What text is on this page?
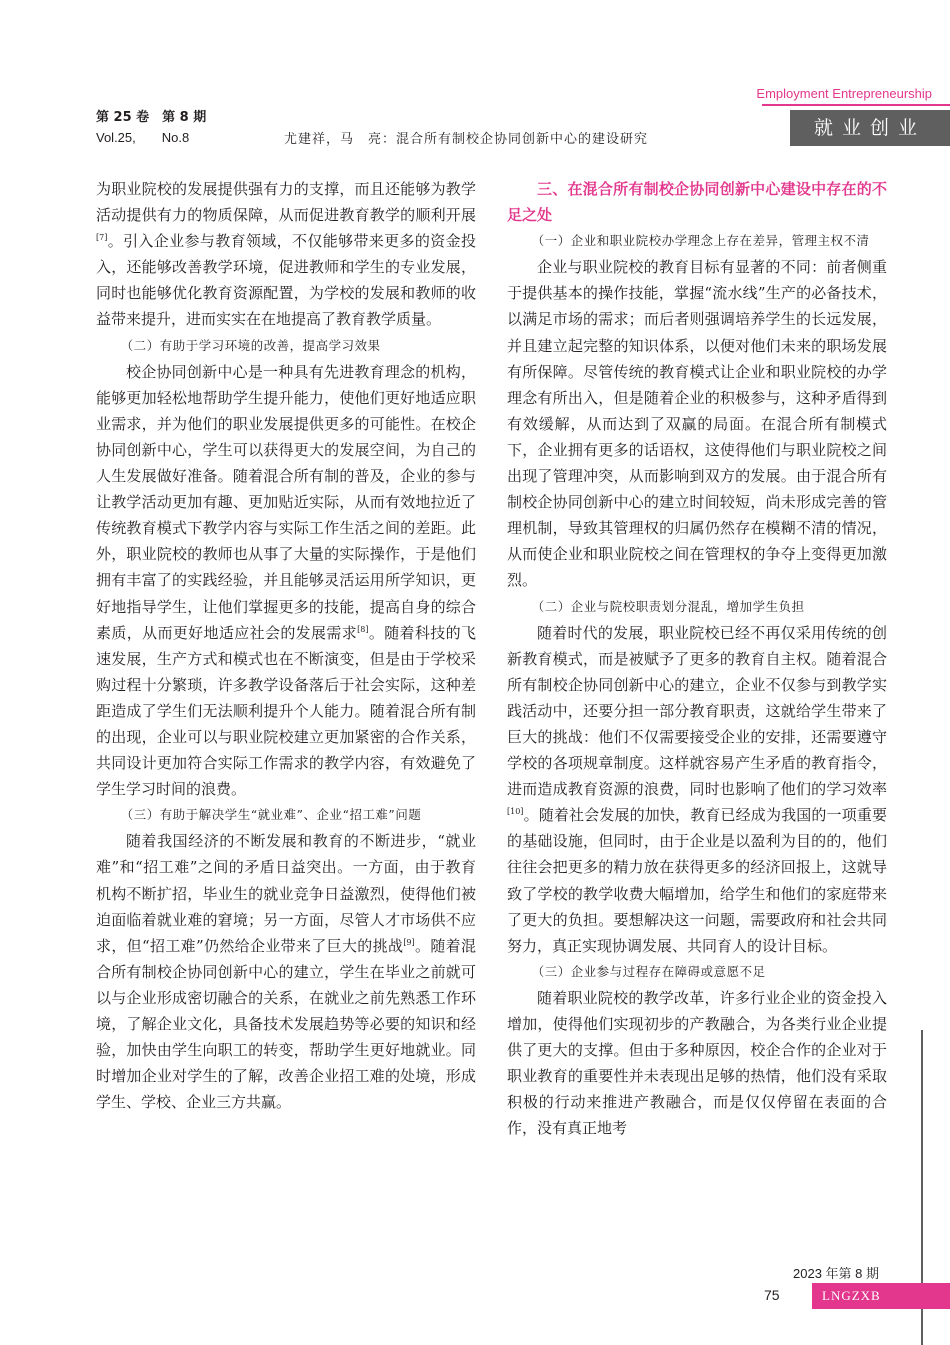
Employment Entrepreneurship
就业创业
第 25 卷　第 8 期
Vol.25, No.8	尤建祥，马　亮：混合所有制校企协同创新中心的建设研究

为职业院校的发展提供强有力的支撑，而且还能够为教学活动提供有力的物质保障，从而促进教育教学的顺利开展[7]。引入企业参与教育领域，不仅能够带来更多的资金投入，还能够改善教学环境，促进教师和学生的专业发展，同时也能够优化教育资源配置，为学校的发展和教师的收益带来提升，进而实实在在地提高了教育教学质量。

（二）有助于学习环境的改善，提高学习效果

校企协同创新中心是一种具有先进教育理念的机构，能够更加轻松地帮助学生提升能力，使他们更好地适应职业需求，并为他们的职业发展提供更多的可能性。在校企协同创新中心，学生可以获得更大的发展空间，为自己的人生发展做好准备。随着混合所有制的普及，企业的参与让教学活动更加有趣、更加贴近实际，从而有效地拉近了传统教育模式下教学内容与实际工作生活之间的差距。此外，职业院校的教师也从事了大量的实际操作，于是他们拥有丰富了的实践经验，并且能够灵活运用所学知识，更好地指导学生，让他们掌握更多的技能，提高自身的综合素质，从而更好地适应社会的发展需求[8]。随着科技的飞速发展，生产方式和模式也在不断演变，但是由于学校采购过程十分繁琐，许多教学设备落后于社会实际，这种差距造成了学生们无法顺利提升个人能力。随着混合所有制的出现，企业可以与职业院校建立更加紧密的合作关系，共同设计更加符合实际工作需求的教学内容，有效避免了学生学习时间的浪费。

（三）有助于解决学生“就业难”、企业“招工难”问题

随着我国经济的不断发展和教育的不断进步，“就业难”和“招工难”之间的矛盾日益突出。一方面，由于教育机构不断扩招，毕业生的就业竞争日益激烈，使得他们被迫面临着就业难的窘境；另一方面，尽管人才市场供不应求，但“招工难”仍然给企业带来了巨大的挑战[9]。随着混合所有制校企协同创新中心的建立，学生在毕业之前就可以与企业形成密切融合的关系，在就业之前先熟悉工作环境，了解企业文化，具备技术发展趋势等必要的知识和经验，加快由学生向职工的转变，帮助学生更好地就业。同时增加企业对学生的了解，改善企业招工难的处境，形成学生、学校、企业三方共赢。

三、在混合所有制校企协同创新中心建设中存在的不足之处

（一）企业和职业院校办学理念上存在差异，管理主权不清

企业与职业院校的教育目标有显著的不同：前者侧重于提供基本的操作技能，掌握“流水线”生产的必备技术，以满足市场的需求；而后者则强调培养学生的长远发展，并且建立起完整的知识体系，以便对他们未来的职场发展有所保障。尽管传统的教育模式让企业和职业院校的办学理念有所出入，但是随着企业的积极参与，这种矛盾得到有效缓解，从而达到了双赢的局面。在混合所有制模式下，企业拥有更多的话语权，这使得他们与职业院校之间出现了管理冲突，从而影响到双方的发展。由于混合所有制校企协同创新中心的建立时间较短，尚未形成完善的管理机制，导致其管理权的归属仍然存在模糊不清的情况，从而使企业和职业院校之间在管理权的争夺上变得更加激烈。

（二）企业与院校职责划分混乱，增加学生负担

随着时代的发展，职业院校已经不再仅采用传统的创新教育模式，而是被赋予了更多的教育自主权。随着混合所有制校企协同创新中心的建立，企业不仅参与到教学实践活动中，还要分担一部分教育职责，这就给学生带来了巨大的挑战：他们不仅需要接受企业的安排，还需要遵守学校的各项规章制度。这样就容易产生矛盾的教育指令，进而造成教育资源的浪费，同时也影响了他们的学习效率[10]。随着社会发展的加快，教育已经成为我国的一项重要的基础设施，但同时，由于企业是以盈利为目的的，他们往往会把更多的精力放在获得更多的经济回报上，这就导致了学校的教学收费大幅增加，给学生和他们的家庭带来了更大的负担。要想解决这一问题，需要政府和社会共同努力，真正实现协调发展、共同育人的设计目标。

（三）企业参与过程存在障碍或意愿不足

随着职业院校的教学改革，许多行业企业的资金投入增加，使得他们实现初步的产教融合，为各类行业企业提供了更大的支撑。但由于多种原因，校企合作的企业对于职业教育的重要性并未表现出足够的热情，他们没有采取积极的行动来推进产教融合，而是仅仅停留在表面的合作，没有真正地考

2023 年第 8 期
75	LNGZXB
